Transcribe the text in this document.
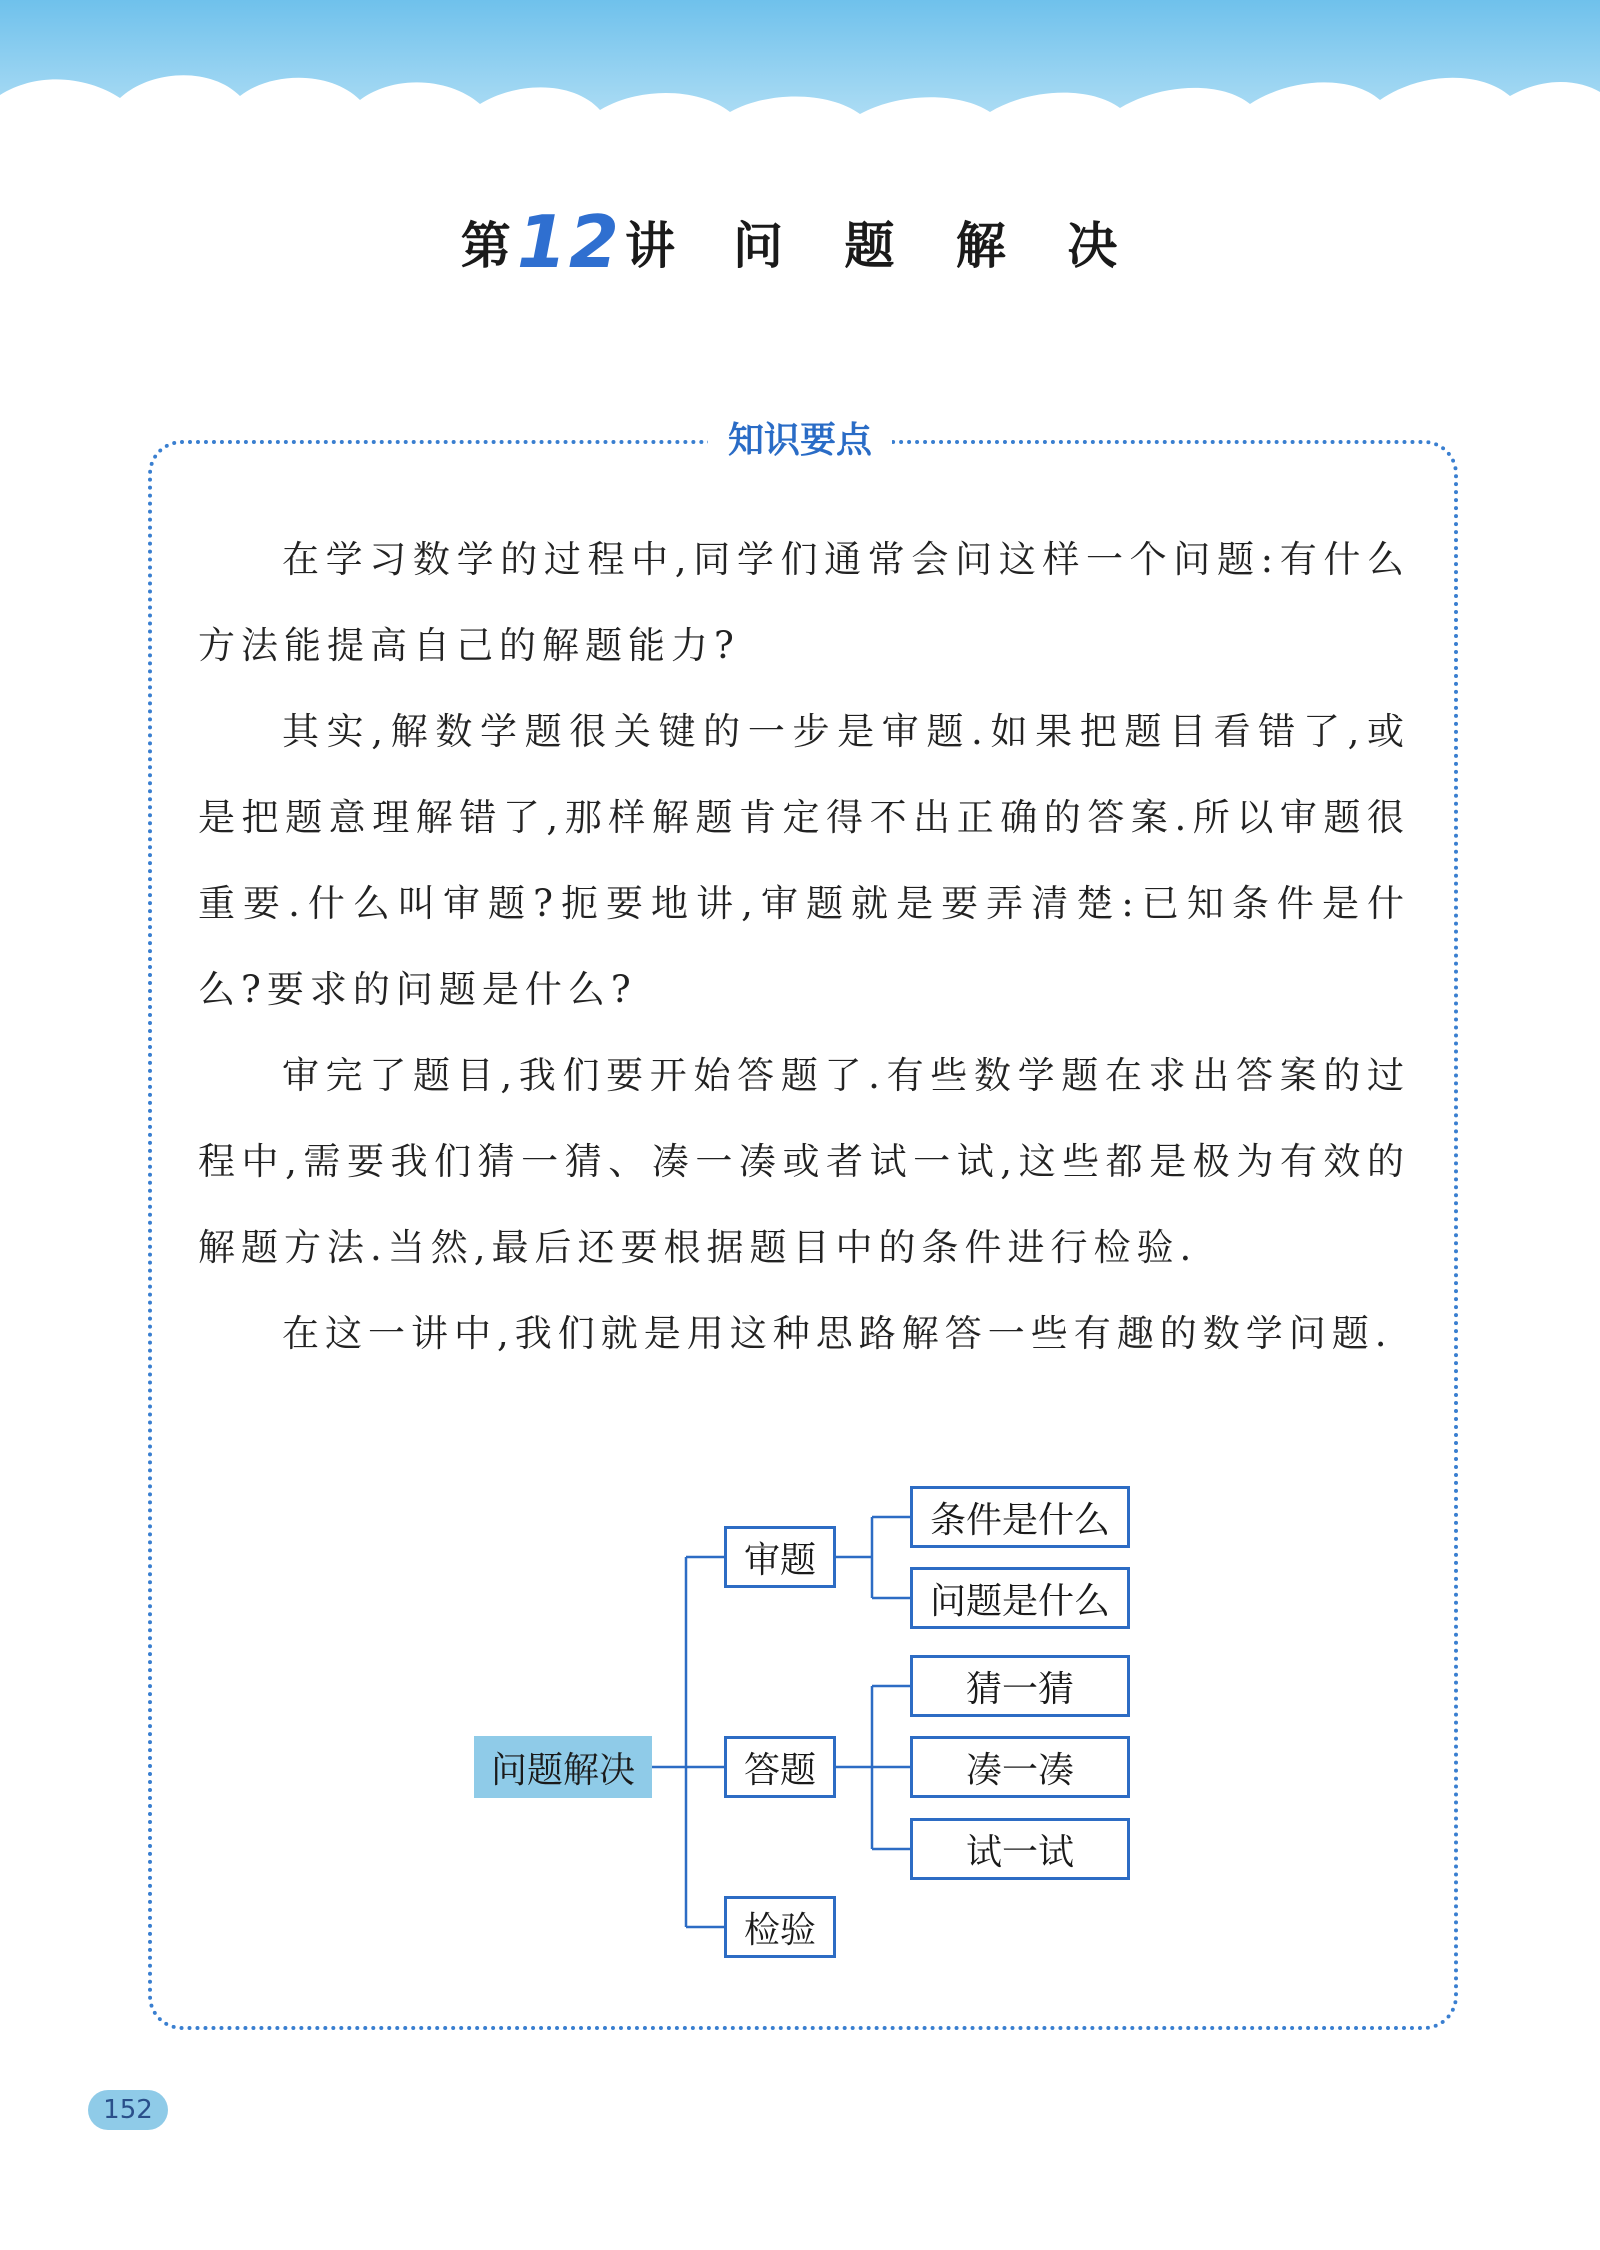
第12讲 问 题 解 决
知识要点

在学习数学的过程中,同学们通常会问这样一个问题:有什么方法能提高自己的解题能力?

其实,解数学题很关键的一步是审题.如果把题目看错了,或是把题意理解错了,那样解题肯定得不出正确的答案.所以审题很重要.什么叫审题?扼要地讲,审题就是要弄清楚:已知条件是什么?要求的问题是什么?

审完了题目,我们要开始答题了.有些数学题在求出答案的过程中,需要我们猜一猜、凑一凑或者试一试,这些都是极为有效的解题方法.当然,最后还要根据题目中的条件进行检验.

在这一讲中,我们就是用这种思路解答一些有趣的数学问题.

问题解决
审题
条件是什么
问题是什么
答题
猜一猜
凑一凑
试一试
检验
152
